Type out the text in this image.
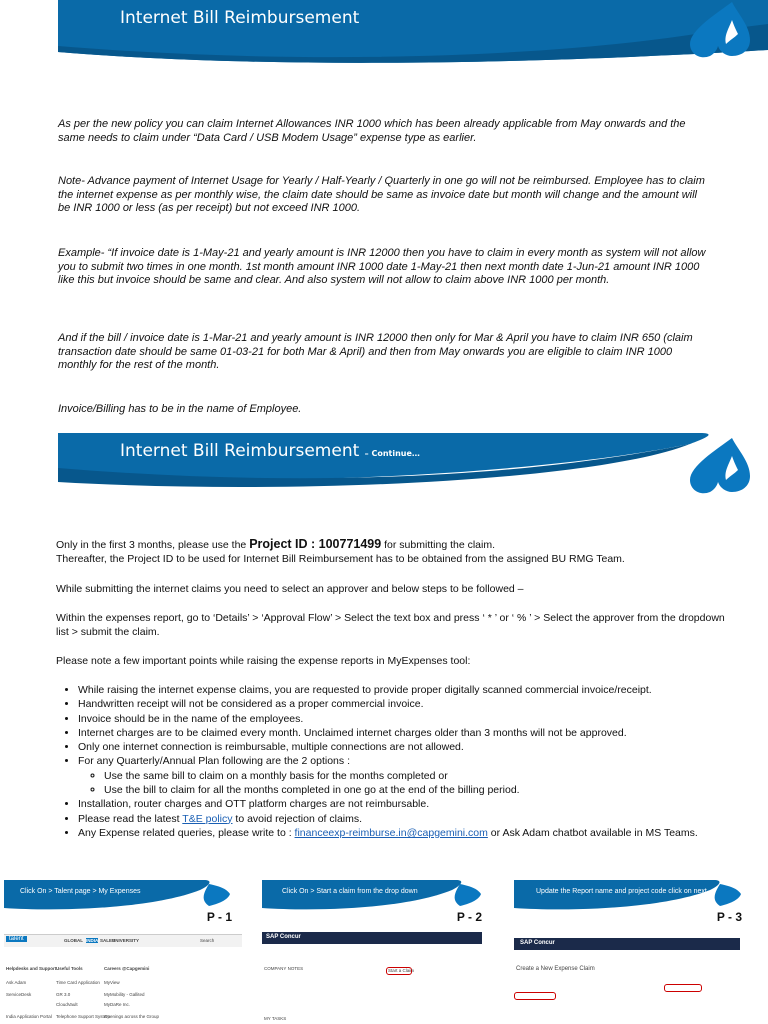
Internet Bill Reimbursement
As per the new policy you can claim Internet Allowances INR 1000 which has been already applicable from May onwards and the same needs to claim under “Data Card / USB Modem Usage” expense type as earlier.
Note- Advance payment of Internet Usage for Yearly / Half-Yearly / Quarterly in one go will not be reimbursed. Employee has to claim the internet expense as per monthly wise, the claim date should be same as invoice date but month will change and the amount will be INR 1000 or less (as per receipt) but not exceed INR 1000.
Example- “If invoice date is 1-May-21 and yearly amount is INR 12000 then you have to claim in every month as system will not allow you to submit two times in one month. 1st month amount INR 1000 date 1-May-21 then next month date 1-Jun-21 amount INR 1000 like this but invoice should be same and clear. And also system will not allow to claim above INR 1000 per month.
And if the bill / invoice date is 1-Mar-21 and yearly amount is INR 12000 then only for Mar & April you have to claim INR 650 (claim transaction date should be same 01-03-21 for both Mar & April) and then from May onwards you are eligible to claim INR 1000 monthly for the rest of the month.
Invoice/Billing has to be in the name of Employee.
Internet Bill Reimbursement – Continue…

Only in the first 3 months, please use the Project ID : 100771499 for submitting the claim.

Thereafter, the Project ID to be used for Internet Bill Reimbursement has to be obtained from the assigned BU RMG Team.

While submitting the internet claims you need to select an approver and below steps to be followed –
Within the expenses report, go to ‘Details’ > ‘Approval Flow’ > Select the text box and press ‘ * ’ or ‘ % ’ > Select the approver from the dropdown list > submit the claim.
Please note a few important points while raising the expense reports in MyExpenses tool:
• While raising the internet expense claims, you are requested to provide proper digitally scanned commercial invoice/receipt.
• Handwritten receipt will not be considered as a proper commercial invoice.
• Invoice should be in the name of the employees.
• Internet charges are to be claimed every month. Unclaimed internet charges older than 3 months will not be approved.
• Only one internet connection is reimbursable, multiple connections are not allowed.
• For any Quarterly/Annual Plan following are the 2 options :
◦ Use the same bill to claim on a monthly basis for the months completed or
◦ Use the bill to claim for all the months completed in one go at the end of the billing period.
• Installation, router charges and OTT platform charges are not reimbursable.
• Please read the latest T&E policy to avoid rejection of claims.
• Any Expense related queries, please write to : financeexp-reimburse.in@capgemini.com or Ask Adam chatbot available in MS Teams.
Click On > Talent page > My Expenses
P - 1
talent	GLOBAL INDIA SALES
UNIVERSITY	Search
Helpdesks and Support Useful Tools	Careers @Capgemini
Ask Adam	Time Card Application MyView
ServiceDesk	GR 3.0	MyMobility - Gallited
CloudVault	MyDaRe Inc.
India Application Portal Telephone Support System
Openings across the Group
Click On > Start a claim from the drop down
P - 2
SAP Concur
COMPANY NOTES	Start a Claim
MY TASKS
Update the Report name and project code click on next
P - 3
SAP Concur
Create a New Expense Claim
